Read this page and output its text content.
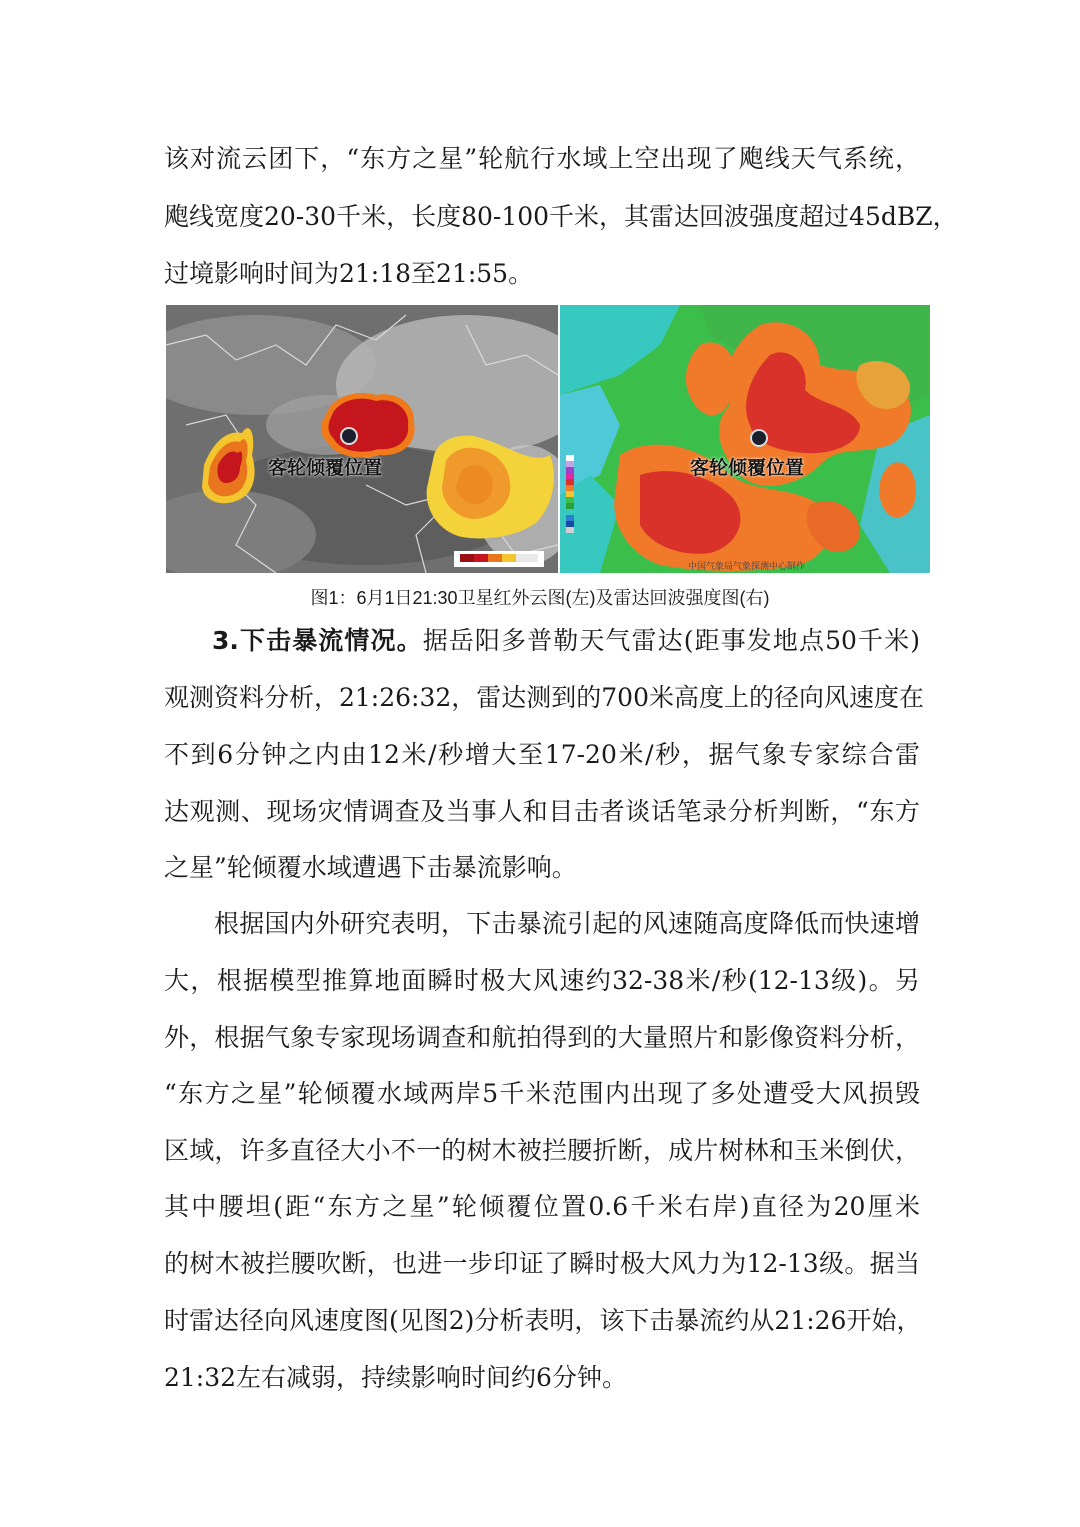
该对流云团下，“东方之星”轮航行水域上空出现了飑线天气系统，
飑线宽度20-30千米，长度80-100千米，其雷达回波强度超过45dBZ，
过境影响时间为21:18至21:55。
客轮倾覆位置	客轮倾覆位置
中国气象局气象探测中心制作
图1：6月1日21:30卫星红外云图(左)及雷达回波强度图(右)
3.下击暴流情况。据岳阳多普勒天气雷达(距事发地点50千米)
观测资料分析，21:26:32，雷达测到的700米高度上的径向风速度在
不到6分钟之内由12米/秒增大至17-20米/秒，据气象专家综合雷
达观测、现场灾情调查及当事人和目击者谈话笔录分析判断，“东方
之星”轮倾覆水域遭遇下击暴流影响。
根据国内外研究表明，下击暴流引起的风速随高度降低而快速增
大，根据模型推算地面瞬时极大风速约32-38米/秒(12-13级)。另
外，根据气象专家现场调查和航拍得到的大量照片和影像资料分析，
“东方之星”轮倾覆水域两岸5千米范围内出现了多处遭受大风损毁
区域，许多直径大小不一的树木被拦腰折断，成片树林和玉米倒伏，
其中腰坦(距“东方之星”轮倾覆位置0.6千米右岸)直径为20厘米
的树木被拦腰吹断，也进一步印证了瞬时极大风力为12-13级。据当
时雷达径向风速度图(见图2)分析表明，该下击暴流约从21:26开始，
21:32左右减弱，持续影响时间约6分钟。
